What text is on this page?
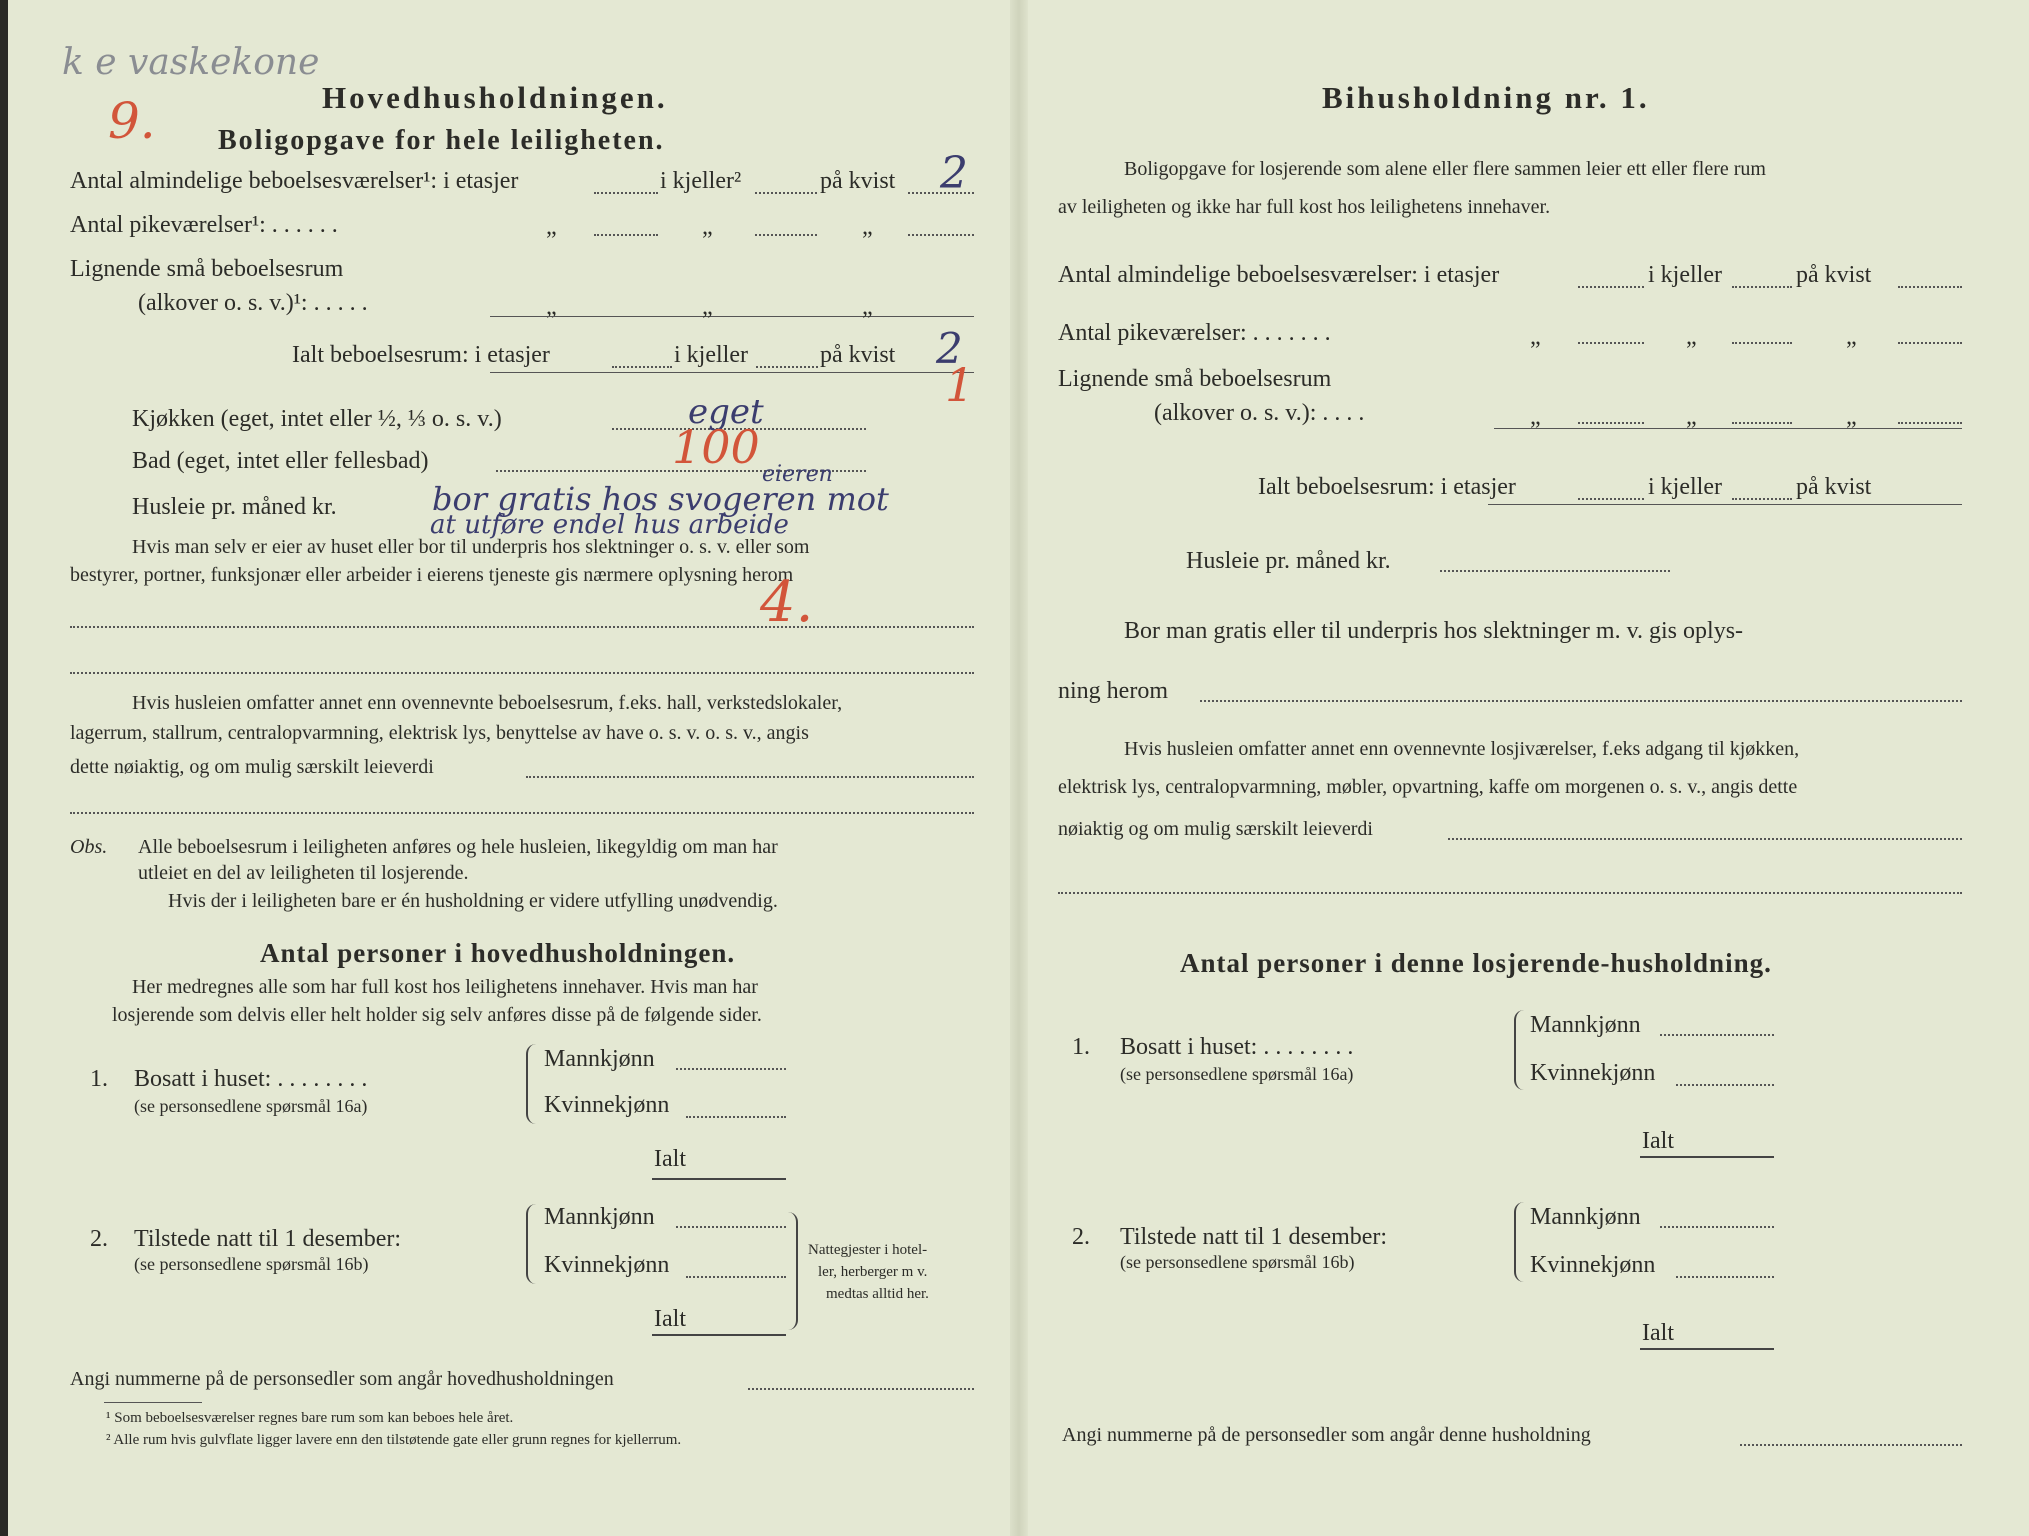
k e vaskekone
9.	Hovedhusholdningen.
Boligopgave for hele leiligheten.
Antal almindelige beboelsesværelser¹: i etasjer	i kjeller²	på kvist 2
Antal pikeværelser¹: . . . . . .	„	„	„
Lignende små beboelsesrum
(alkover o. s. v.)¹: . . . . .	„	„	„
Ialt beboelsesrum: i etasjer	i kjeller	på kvist 2
1
Kjøkken (eget, intet eller ½, ⅓ o. s. v.)	eget
Bad (eget, intet eller fellesbad)	100
Husleie pr. måned kr.
eieren
bor gratis hos svogeren mot
at utføre endel hus arbeide
Hvis man selv er eier av huset eller bor til underpris hos slektninger o. s. v. eller som
bestyrer, portner, funksjonær eller arbeider i eierens tjeneste gis nærmere oplysning herom
4.
Hvis husleien omfatter annet enn ovennevnte beboelsesrum, f.eks. hall, verkstedslokaler,
lagerrum, stallrum, centralopvarmning, elektrisk lys, benyttelse av have o. s. v. o. s. v., angis
dette nøiaktig, og om mulig særskilt leieverdi
Obs. Alle beboelsesrum i leiligheten anføres og hele husleien, likegyldig om man har
utleiet en del av leiligheten til losjerende.
Hvis der i leiligheten bare er én husholdning er videre utfylling unødvendig.
Antal personer i hovedhusholdningen.
Her medregnes alle som har full kost hos leilighetens innehaver. Hvis man har
losjerende som delvis eller helt holder sig selv anføres disse på de følgende sider.
1. Bosatt i huset: . . . . . . . .
(se personsedlene spørsmål 16a)
Mannkjønn
Kvinnekjønn
Ialt
2. Tilstede natt til 1 desember:
(se personsedlene spørsmål 16b)
Mannkjønn
Kvinnekjønn
Ialt
Nattegjester i hotel-
ler, herberger m v.
medtas alltid her.
Angi nummerne på de personsedler som angår hovedhusholdningen
¹ Som beboelsesværelser regnes bare rum som kan beboes hele året.
² Alle rum hvis gulvflate ligger lavere enn den tilstøtende gate eller grunn regnes for kjellerrum.
Bihusholdning nr. 1.
Boligopgave for losjerende som alene eller flere sammen leier ett eller flere rum
av leiligheten og ikke har full kost hos leilighetens innehaver.
Antal almindelige beboelsesværelser: i etasjer	i kjeller	på kvist
Antal pikeværelser: . . . . . . .	„	„	„
Lignende små beboelsesrum
(alkover o. s. v.): . . . .	„	„	„
Ialt beboelsesrum: i etasjer	i kjeller	på kvist
Husleie pr. måned kr.
Bor man gratis eller til underpris hos slektninger m. v. gis oplys-
ning herom
Hvis husleien omfatter annet enn ovennevnte losjiværelser, f.eks adgang til kjøkken,
elektrisk lys, centralopvarmning, møbler, opvartning, kaffe om morgenen o. s. v., angis dette
nøiaktig og om mulig særskilt leieverdi
Antal personer i denne losjerende-husholdning.
1. Bosatt i huset: . . . . . . . .
(se personsedlene spørsmål 16a)
Mannkjønn
Kvinnekjønn
Ialt
2. Tilstede natt til 1 desember:
(se personsedlene spørsmål 16b)
Mannkjønn
Kvinnekjønn
Ialt
Angi nummerne på de personsedler som angår denne husholdning
